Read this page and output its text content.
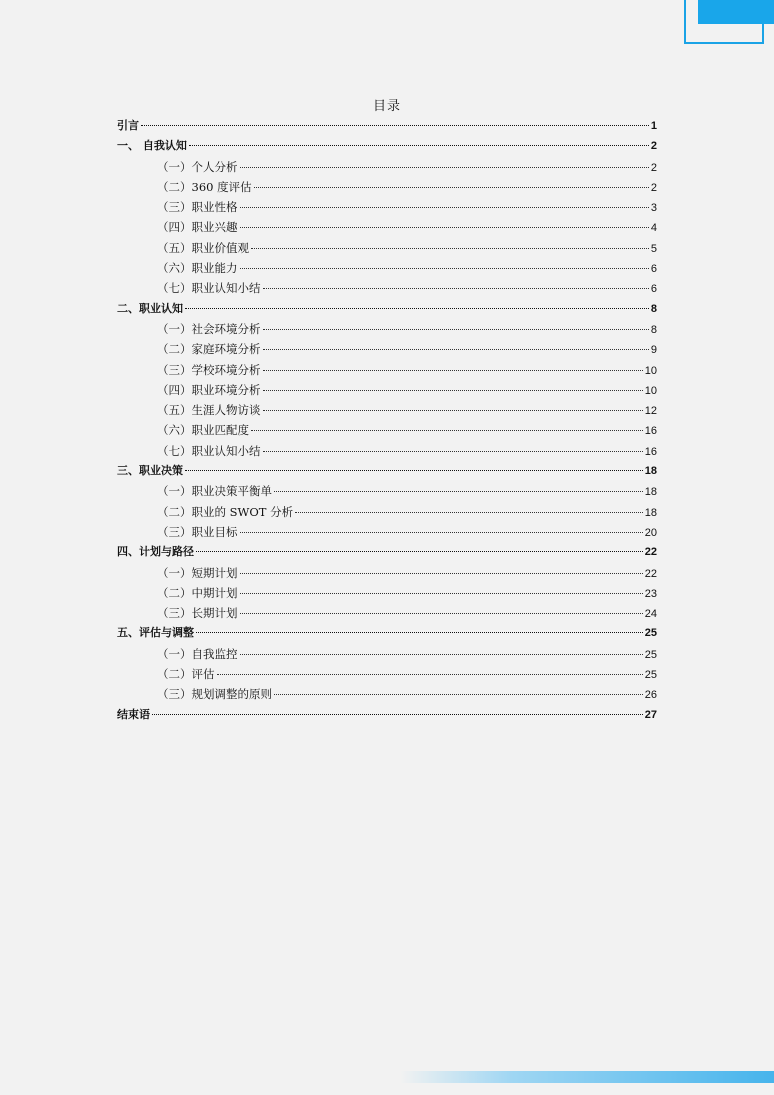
目录
引言	1
一、 自我认知	2
（一）个人分析	2
（二）360 度评估	2
（三）职业性格	3
（四）职业兴趣	4
（五）职业价值观	5
（六）职业能力	6
（七）职业认知小结	6
二、职业认知	8
（一）社会环境分析	8
（二）家庭环境分析	9
（三）学校环境分析	10
（四）职业环境分析	10
（五）生涯人物访谈	12
（六）职业匹配度	16
（七）职业认知小结	16
三、职业决策	18
（一）职业决策平衡单	18
（二）职业的 SWOT 分析	18
（三）职业目标	20
四、计划与路径	22
（一）短期计划	22
（二）中期计划	23
（三）长期计划	24
五、评估与调整	25
（一）自我监控	25
（二）评估	25
（三）规划调整的原则	26
结束语	27
